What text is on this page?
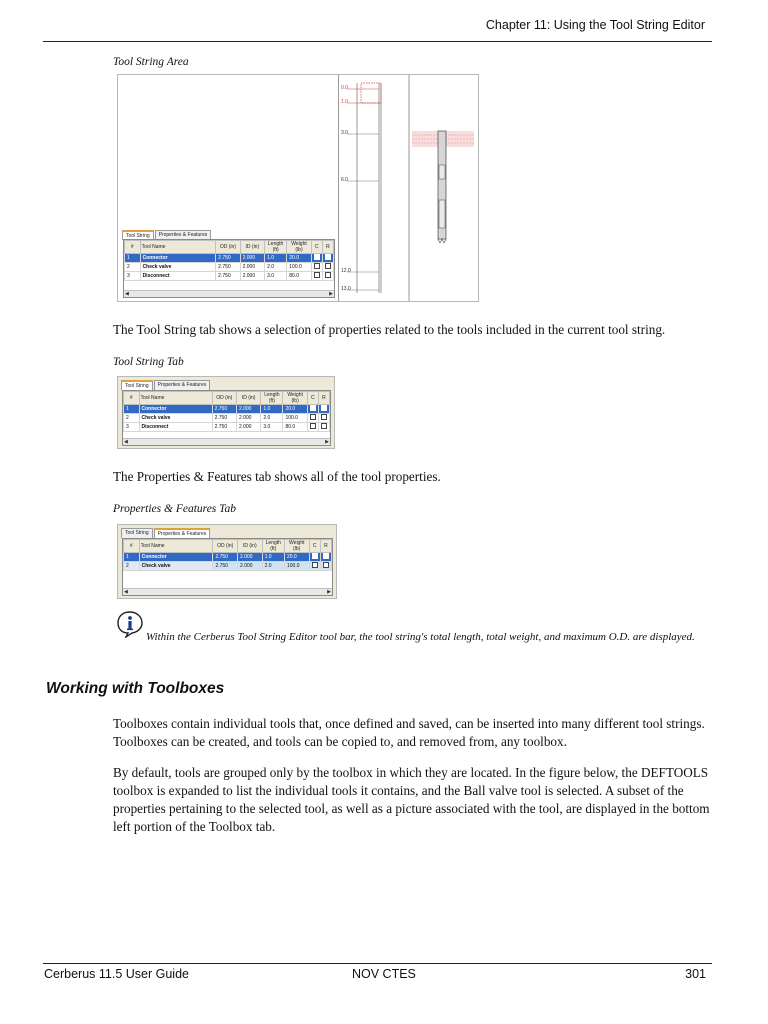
Chapter 11: Using the Tool String Editor
Tool String Area
Tool String	Properties & Features
#	Tool Name	OD (in)	ID (in)	Length (ft)	Weight (lb)	C	R
1	Connector	2.750	2.000	1.0	20.0		
2	Check valve	2.750	2.000	2.0	100.0		
3	Disconnect	2.750	2.000	3.0	80.0		
◀	▶
0.0
1.0
3.0
6.0
12.0
13.0
The Tool String tab shows a selection of properties related to the tools included in the current tool string.
Tool String Tab
Tool String	Properties & Features
#	Tool Name	OD (in)	ID (in)	Length (ft)	Weight (lb)	C	R
1	Connector	2.750	2.000	1.0	20.0		
2	Check valve	2.750	2.000	2.0	100.0		
3	Disconnect	2.750	2.000	3.0	80.0		
◀	▶
The Properties & Features tab shows all of the tool properties.
Properties & Features Tab
Tool String	Properties & Features
#	Tool Name	OD (in)	ID (in)	Length (ft)	Weight (lb)	C	R
1	Connector	2.750	2.000	1.0	20.0		
2	Check valve	2.750	2.000	2.0	100.0		
◀	▶
Within the Cerberus Tool String Editor tool bar, the tool string's total length, total weight, and maximum O.D. are displayed.
Working with Toolboxes
Toolboxes contain individual tools that, once defined and saved, can be inserted into many different tool strings. Toolboxes can be created, and tools can be copied to, and removed from, any toolbox.
By default, tools are grouped only by the toolbox in which they are located. In the figure below, the DEFTOOLS toolbox is expanded to list the individual tools it contains, and the Ball valve tool is selected. A subset of the properties pertaining to the selected tool, as well as a picture associated with the tool, are displayed in the bottom left portion of the Toolbox tab.
Cerberus 11.5 User Guide	NOV CTES	301
